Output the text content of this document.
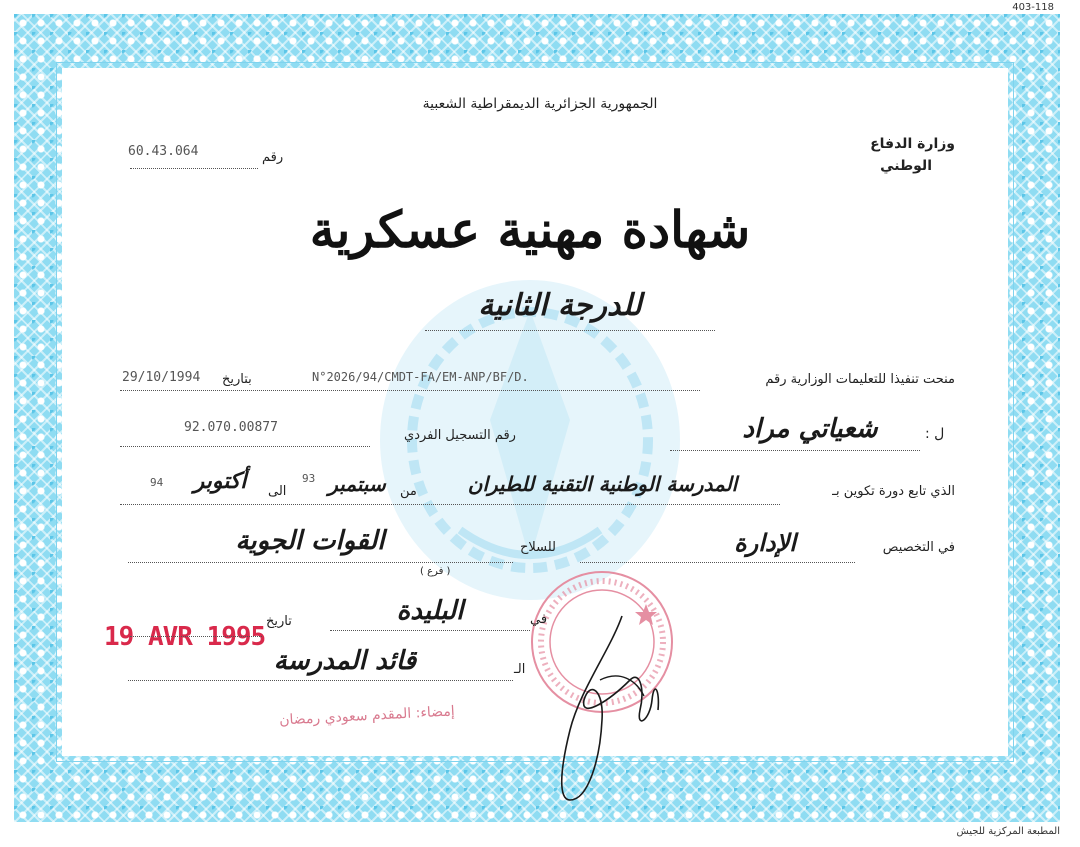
403-118
الجمهورية الجزائرية الديمقراطية الشعبية
وزارة الدفاع
الوطني
60.43.064	رقم
شهادة مهنية عسكرية
للدرجة الثانية
منحت تنفيذا للتعليمات الوزارية رقم
N°2026/94/CMDT-FA/EM-ANP/BF/D.
بتاريخ
29/10/1994
ل :
شعياتي مراد
رقم التسجيل الفردي
92.070.00877
الذي تابع دورة تكوين بـ
المدرسة الوطنية التقنية للطيران
من
سبتمبر
93
الى
أكتوبر
94
في التخصيص
الإدارة
للسلاح
القوات الجوية
( فرع )
في
البليدة
تاريخ
19 AVR 1995
الـ
قائد المدرسة
إمضاء: المقدم سعودي رمضان
المطبعة المركزية للجيش
